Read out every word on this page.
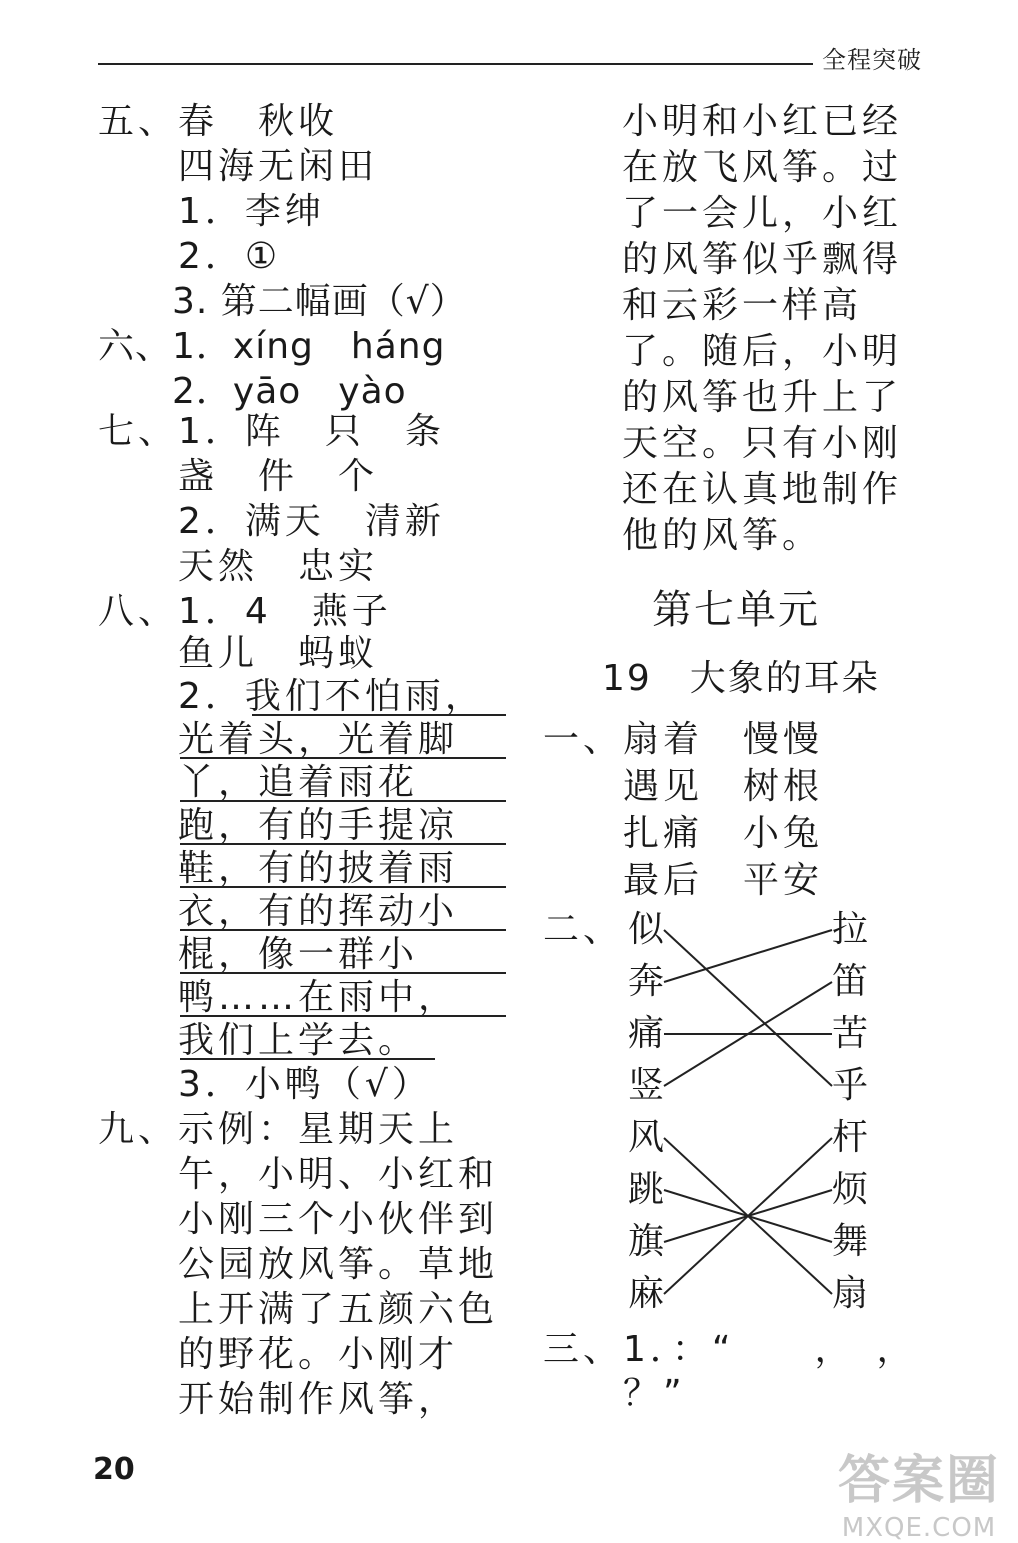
全程突破
五、春　秋收
　　四海无闲田
　　1．李绅
　　2．①
　　3. 第二幅画（√）
六、1．xíng　háng
　　2．yāo　yào
七、1．阵　只　条
　　盏　件　个
　　2．满天　清新
　　天然　忠实
八、1．4　燕子
　　鱼儿　蚂蚁
　　2．我们不怕雨，
　　光着头，光着脚
　　丫，追着雨花
　　跑，有的手提凉
　　鞋，有的披着雨
　　衣，有的挥动小
　　棍，像一群小
　　鸭……在雨中，
　　我们上学去。
　　3．小鸭（√）
九、示例：星期天上
　　午，小明、小红和
　　小刚三个小伙伴到
　　公园放风筝。草地
　　上开满了五颜六色
　　的野花。小刚才
　　开始制作风筝，
小明和小红已经
在放飞风筝。过
了一会儿，小红
的风筝似乎飘得
和云彩一样高
了。随后，小明
的风筝也升上了
天空。只有小刚
还在认真地制作
他的风筝。
第七单元
19　大象的耳朵
一、扇着　慢慢
　　遇见　树根
　　扎痛　小兔
　　最后　平安
二、 似
奔
痛
竖
风
跳
旗
麻
拉
笛
苦
乎
杆
烦
舞
扇
三、1．：“　　，　，
　　？”
20	答案圈
MXQE.COM
